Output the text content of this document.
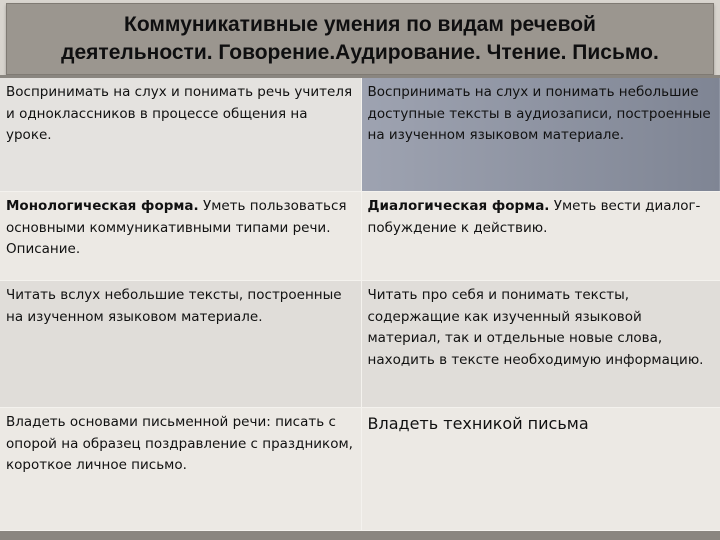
Коммуникативные умения по видам речевой
деятельности. Говорение.Аудирование. Чтение. Письмо.
Воспринимать на слух и понимать речь учителя и одноклассников в процессе общения на уроке.	Воспринимать на слух и понимать небольшие доступные тексты в аудиозаписи, построенные на изученном языковом материале.
Монологическая форма. Уметь пользоваться основными коммуникативными типами речи. Описание.	Диалогическая форма. Уметь вести диалог-побуждение к действию.
Читать вслух небольшие тексты, построенные на изученном языковом материале.	Читать про себя и понимать тексты, содержащие как изученный языковой материал, так и отдельные новые слова, находить в тексте необходимую информацию.
Владеть основами письменной речи: писать с опорой на образец поздравление с праздником, короткое личное письмо.	Владеть техникой письма
